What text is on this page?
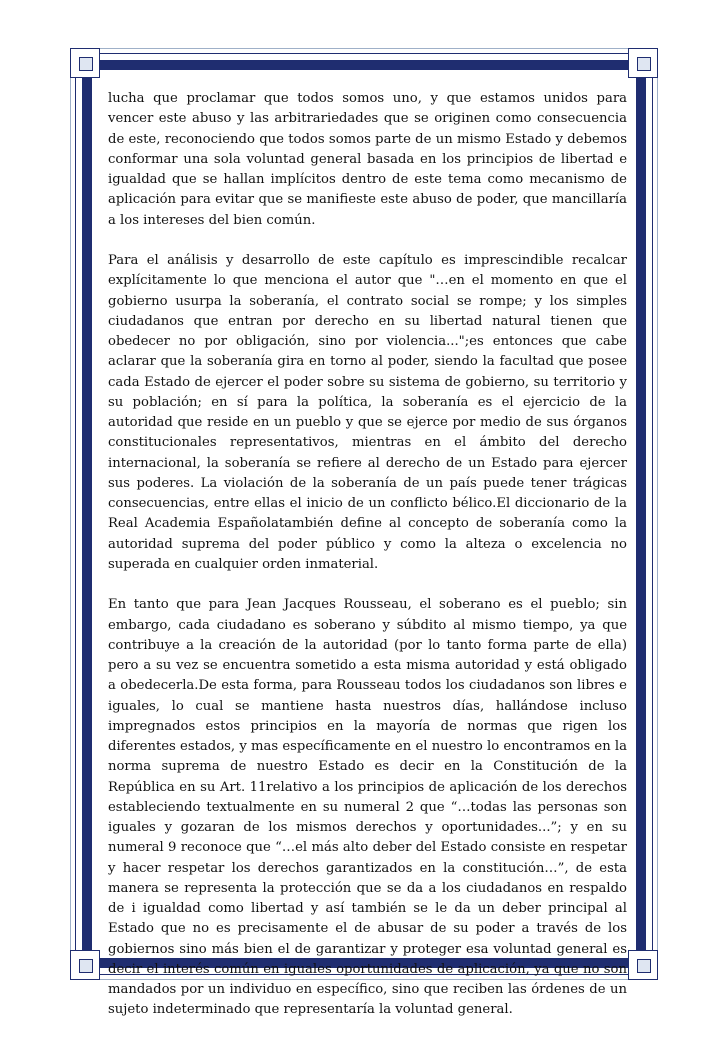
lucha que proclamar que todos somos uno, y que estamos unidos para vencer este abuso y las arbitrariedades que se originen como consecuencia de este, reconociendo que todos somos parte de un mismo Estado y debemos conformar una sola voluntad general basada en los principios de libertad e igualdad que se hallan implícitos dentro de este tema como mecanismo de aplicación para evitar que se manifieste este abuso de poder, que mancillaría a los intereses del bien común.

Para el análisis y desarrollo de este capítulo es imprescindible recalcar explícitamente lo que menciona el autor que "…en el momento en que el gobierno usurpa la soberanía, el contrato social se rompe; y los simples ciudadanos que entran por derecho en su libertad natural tienen que obedecer no por obligación, sino por violencia...";es entonces que cabe aclarar que la soberanía gira en torno al poder, siendo la facultad que posee cada Estado de ejercer el poder sobre su sistema de gobierno, su territorio y su población; en sí para la política, la soberanía es el ejercicio de la autoridad que reside en un pueblo y que se ejerce por medio de sus órganos constitucionales representativos, mientras en el ámbito del derecho internacional, la soberanía se refiere al derecho de un Estado para ejercer sus poderes. La violación de la soberanía de un país puede tener trágicas consecuencias, entre ellas el inicio de un conflicto bélico.El diccionario de la Real Academia Españolatambién define al concepto de soberanía como la autoridad suprema del poder público y como la alteza o excelencia no superada en cualquier orden inmaterial.

En tanto que para Jean Jacques Rousseau, el soberano es el pueblo; sin embargo, cada ciudadano es soberano y súbdito al mismo tiempo, ya que contribuye a la creación de la autoridad (por lo tanto forma parte de ella) pero a su vez se encuentra sometido a esta misma autoridad y está obligado a obedecerla.De esta forma, para Rousseau todos los ciudadanos son libres e iguales, lo cual se mantiene hasta nuestros días, hallándose incluso impregnados estos principios en la mayoría de normas que rigen los diferentes estados, y mas específicamente en el nuestro lo encontramos en la norma suprema de nuestro Estado es decir en la Constitución de la República en su Art. 11relativo a los principios de aplicación de los derechos estableciendo textualmente en su numeral 2 que “…todas las personas son iguales y gozaran de los mismos derechos y oportunidades...”; y en su numeral 9 reconoce que “…el más alto deber del Estado consiste en respetar y hacer respetar los derechos garantizados en la constitución…”, de esta manera se representa la protección que se da a los ciudadanos en respaldo de i igualdad como libertad y así también se le da un deber principal al Estado que no es precisamente el de abusar de su poder a través de los gobiernos sino más bien el de garantizar y proteger esa voluntad general es decir el interés común en iguales oportunidades de aplicación, ya que no son mandados por un individuo en específico, sino que reciben las órdenes de un sujeto indeterminado que representaría la voluntad general.
